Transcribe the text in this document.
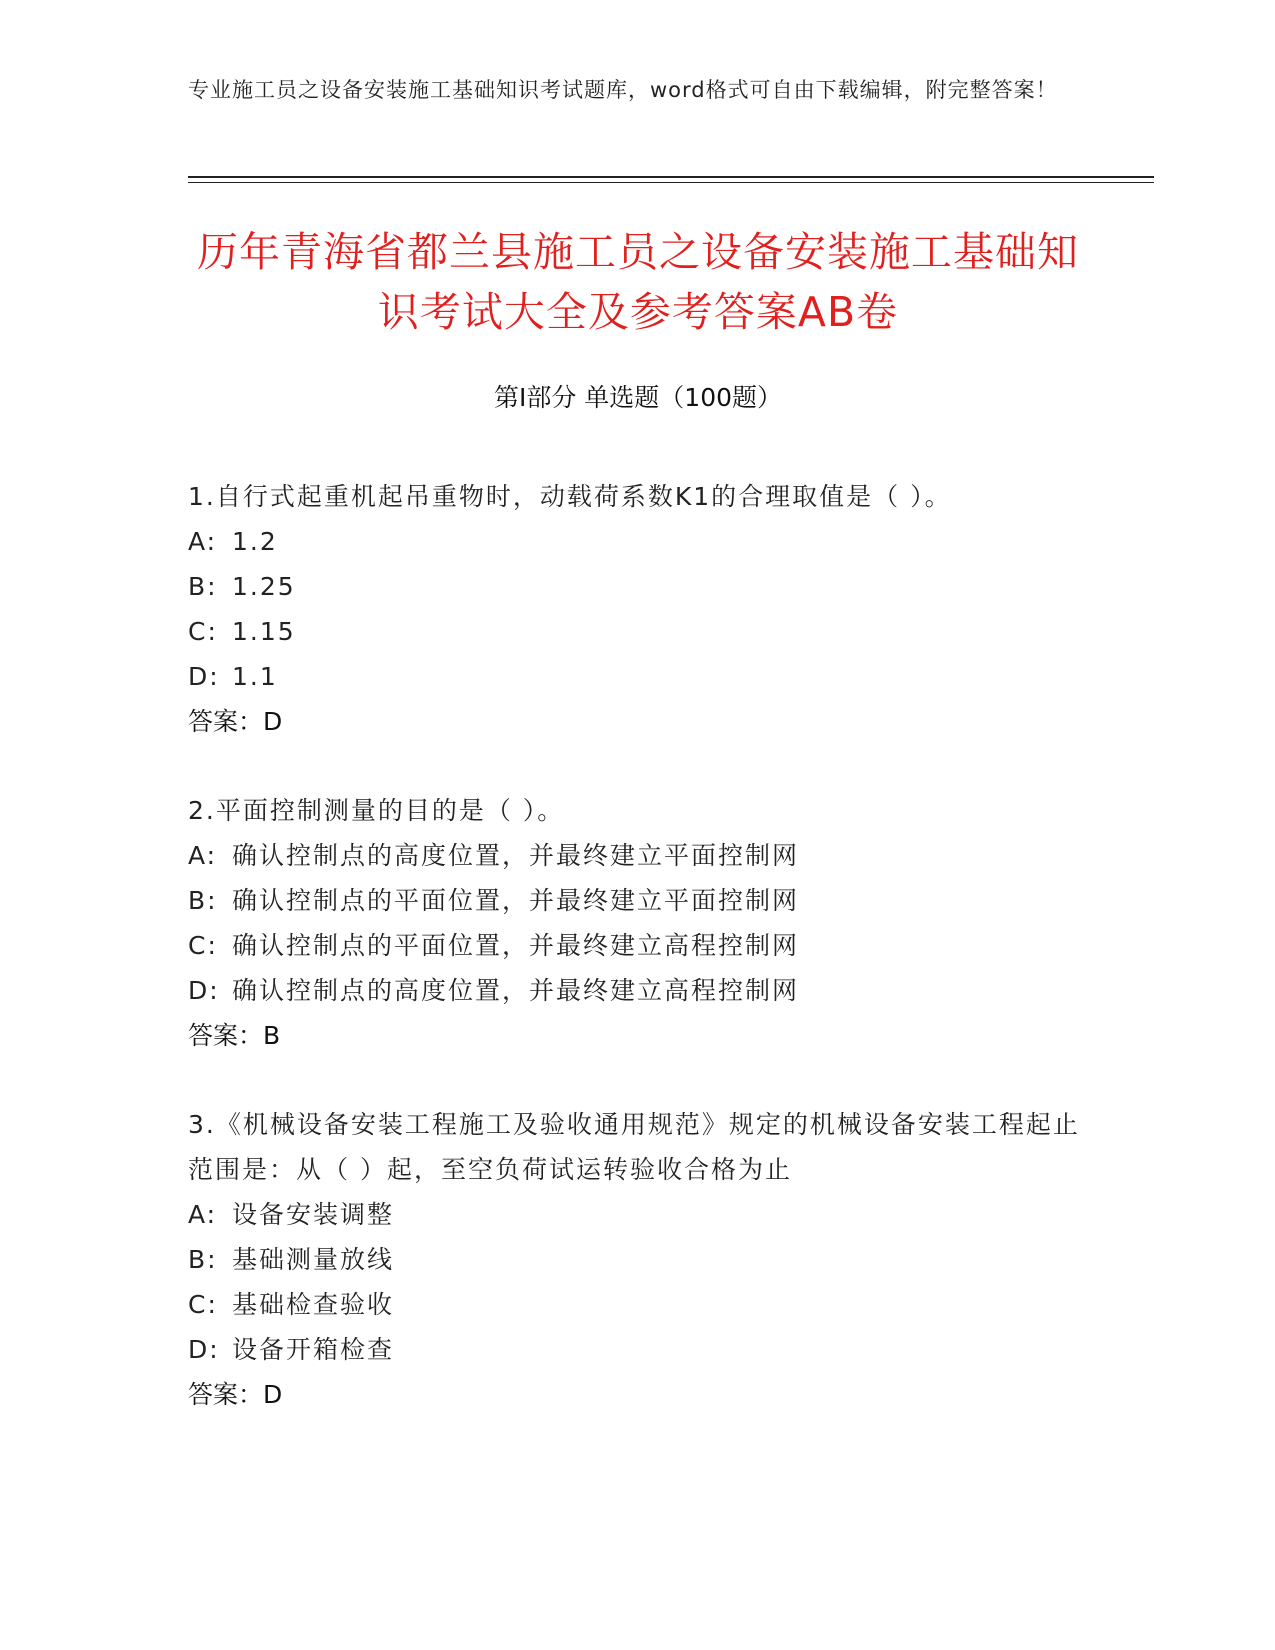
专业施工员之设备安装施工基础知识考试题库，word格式可自由下载编辑，附完整答案！
历年青海省都兰县施工员之设备安装施工基础知识考试大全及参考答案AB卷
第I部分 单选题（100题）

1.自行式起重机起吊重物时，动载荷系数K1的合理取值是（ ）。

A: 1.2

B: 1.25

C: 1.15

D: 1.1

答案：D

2.平面控制测量的目的是（ ）。

A: 确认控制点的高度位置，并最终建立平面控制网

B: 确认控制点的平面位置，并最终建立平面控制网

C: 确认控制点的平面位置，并最终建立高程控制网

D: 确认控制点的高度位置，并最终建立高程控制网

答案：B

3.《机械设备安装工程施工及验收通用规范》规定的机械设备安装工程起止范围是：从（ ）起，至空负荷试运转验收合格为止

A: 设备安装调整

B: 基础测量放线

C: 基础检查验收

D: 设备开箱检查

答案：D
